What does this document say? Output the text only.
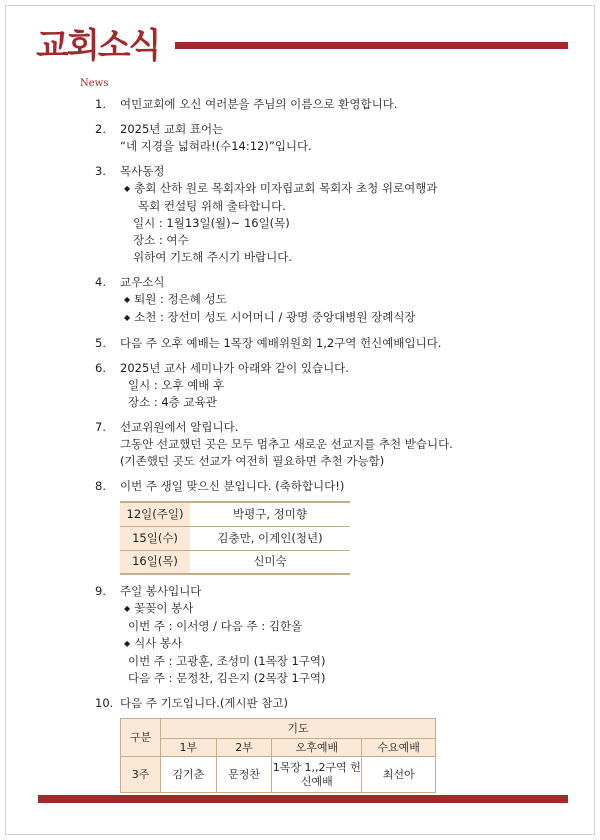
교회소식
News
1. 여민교회에 오신 여러분을 주님의 이름으로 환영합니다.
2. 2025년 교회 표어는
“네 지경을 넓혀라!(수14:12)”입니다.
3. 목사동정
◆ 총회 산하 원로 목회자와 미자립교회 목회자 초청 위로여행과
목회 컨설팅 위해 출타합니다.
일시 : 1월13일(월)~ 16일(목)
장소 : 여수
위하여 기도해 주시기 바랍니다.
4. 교우소식
◆ 퇴원 : 정은혜 성도
◆ 소천 : 장선미 성도 시어머니 / 광명 중앙대병원 장례식장
5. 다음 주 오후 예배는 1목장 예배위원회 1,2구역 헌신예배입니다.
6. 2025년 교사 세미나가 아래와 같이 있습니다.
일시 : 오후 예배 후
장소 : 4층 교육관
7. 선교위원에서 알립니다.
그동안 선교했던 곳은 모두 멈추고 새로운 선교지를 추천 받습니다.
(기존했던 곳도 선교가 여전히 필요하면 추천 가능함)
8. 이번 주 생일 맞으신 분입니다. (축하합니다!)
12일(주일)	박평구, 정미향
15일(수)	김충만, 이계인(청년)
16일(목)	신미숙
9. 주일 봉사입니다
◆ 꽃꽂이 봉사
이번 주 : 이서영 / 다음 주 : 김한올
◆ 식사 봉사
이번 주 : 고광훈, 조성미 (1목장 1구역)
다음 주 : 문정찬, 김은지 (2목장 1구역)
10. 다음 주 기도입니다.(게시판 참고)
구분	기도			
	1부	2부	오후예배	수요예배
3주	김기춘	문정찬	1목장 1,,2구역 헌신예배	최선아
